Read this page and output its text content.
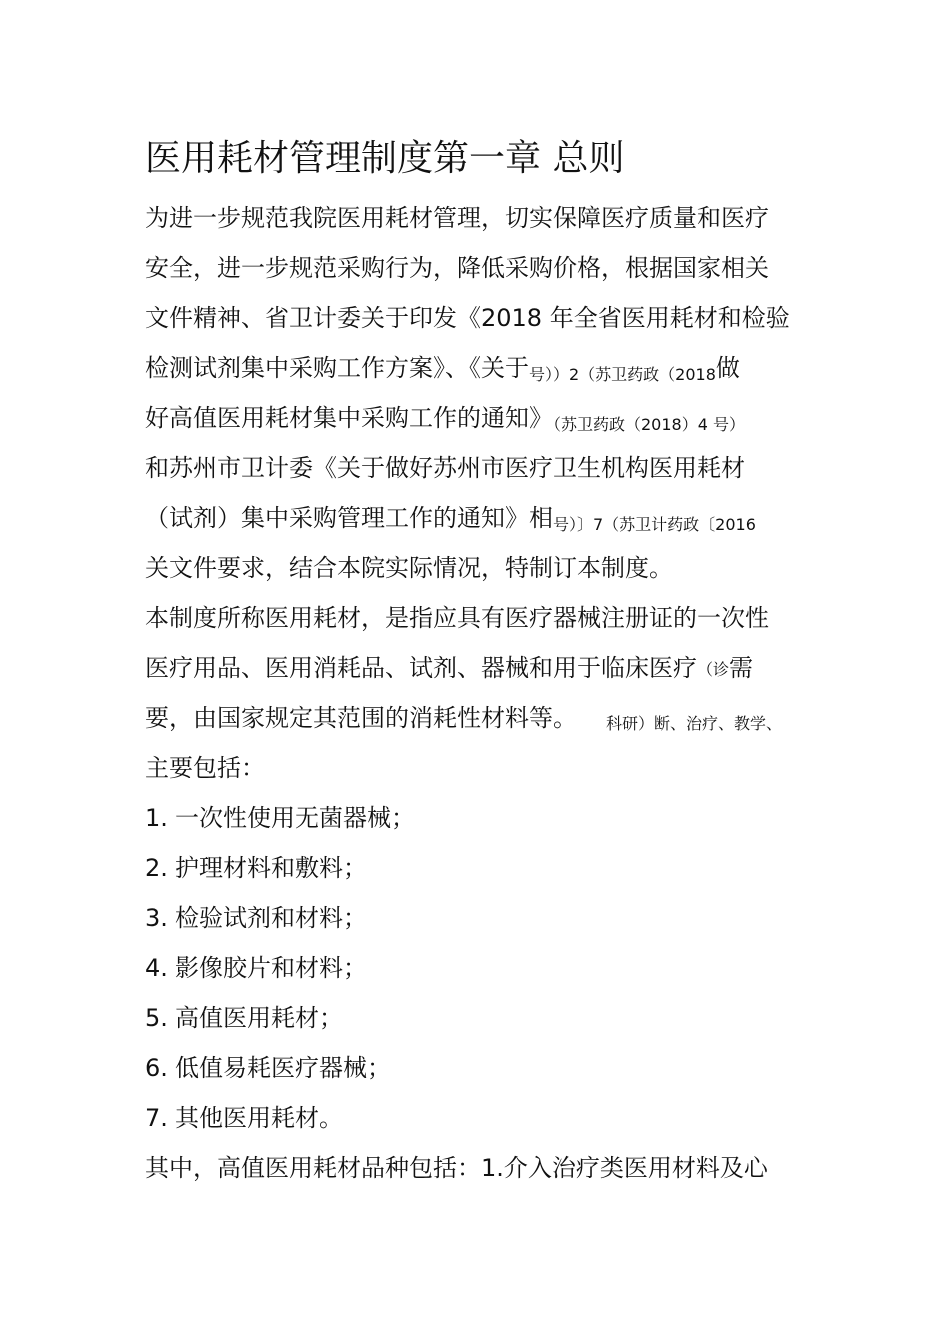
医用耗材管理制度第一章 总则
为进一步规范我院医用耗材管理，切实保障医疗质量和医疗
安全，进一步规范采购行为，降低采购价格，根据国家相关
文件精神、省卫计委关于印发《2018 年全省医用耗材和检验
检测试剂集中采购工作方案》、《关于号））2（苏卫药政（2018做
好高值医用耗材集中采购工作的通知》（苏卫药政（2018）4 号）
和苏州市卫计委《关于做好苏州市医疗卫生机构医用耗材
（试剂）集中采购管理工作的通知》相号）〕7（苏卫计药政〔2016
关文件要求，结合本院实际情况，特制订本制度。
本制度所称医用耗材，是指应具有医疗器械注册证的一次性
医疗用品、医用消耗品、试剂、器械和用于临床医疗（诊需
要，由国家规定其范围的消耗性材料等。 科研）断、治疗、教学、
主要包括：
1. 一次性使用无菌器械；
2. 护理材料和敷料；
3. 检验试剂和材料；
4. 影像胶片和材料；
5. 高值医用耗材；
6. 低值易耗医疗器械；
7. 其他医用耗材。
其中，高值医用耗材品种包括：1.介入治疗类医用材料及心
